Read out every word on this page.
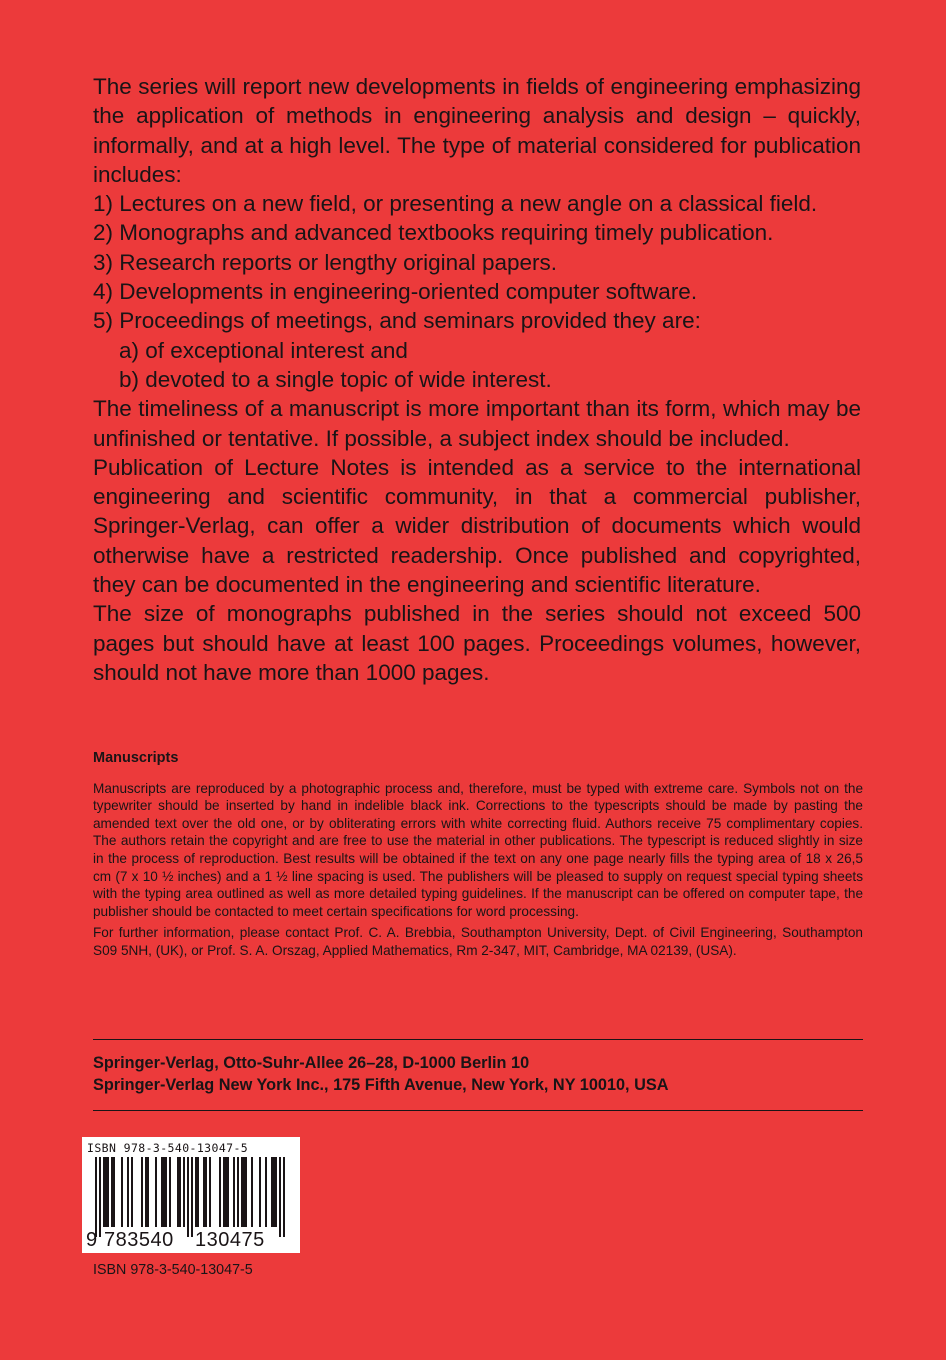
The series will report new developments in fields of engineering emphasizing the application of methods in engineering analysis and design – quickly, informally, and at a high level. The type of material considered for publication includes:

1) Lectures on a new field, or presenting a new angle on a classical field.

2) Monographs and advanced textbooks requiring timely publication.

3) Research reports or lengthy original papers.

4) Developments in engineering-oriented computer software.

5) Proceedings of meetings, and seminars provided they are:

a) of exceptional interest and

b) devoted to a single topic of wide interest.

The timeliness of a manuscript is more important than its form, which may be unfinished or tentative. If possible, a subject index should be included.

Publication of Lecture Notes is intended as a service to the international engineering and scientific community, in that a commercial publisher, Springer-Verlag, can offer a wider distribution of documents which would otherwise have a restricted readership. Once published and copyrighted, they can be documented in the engineering and scientific literature.

The size of monographs published in the series should not exceed 500 pages but should have at least 100 pages. Proceedings volumes, however, should not have more than 1000 pages.

Manuscripts

Manuscripts are reproduced by a photographic process and, therefore, must be typed with extreme care. Symbols not on the typewriter should be inserted by hand in indelible black ink. Corrections to the typescripts should be made by pasting the amended text over the old one, or by obliterating errors with white correcting fluid. Authors receive 75 complimentary copies. The authors retain the copyright and are free to use the material in other publications. The typescript is reduced slightly in size in the process of reproduction. Best results will be obtained if the text on any one page nearly fills the typing area of 18 x 26,5 cm (7 x 10 ½ inches) and a 1 ½ line spacing is used. The publishers will be pleased to supply on request special typing sheets with the typing area outlined as well as more detailed typing guidelines. If the manuscript can be offered on computer tape, the publisher should be contacted to meet certain specifications for word processing.

For further information, please contact Prof. C. A. Brebbia, Southampton University, Dept. of Civil Engineering, Southampton S09 5NH, (UK), or Prof. S. A. Orszag, Applied Mathematics, Rm 2-347, MIT, Cambridge, MA 02139, (USA).

Springer-Verlag, Otto-Suhr-Allee 26–28, D-1000 Berlin 10
Springer-Verlag New York Inc., 175 Fifth Avenue, New York, NY 10010, USA
ISBN 978-3-540-13047-5
9 783540 130475
ISBN 978-3-540-13047-5
